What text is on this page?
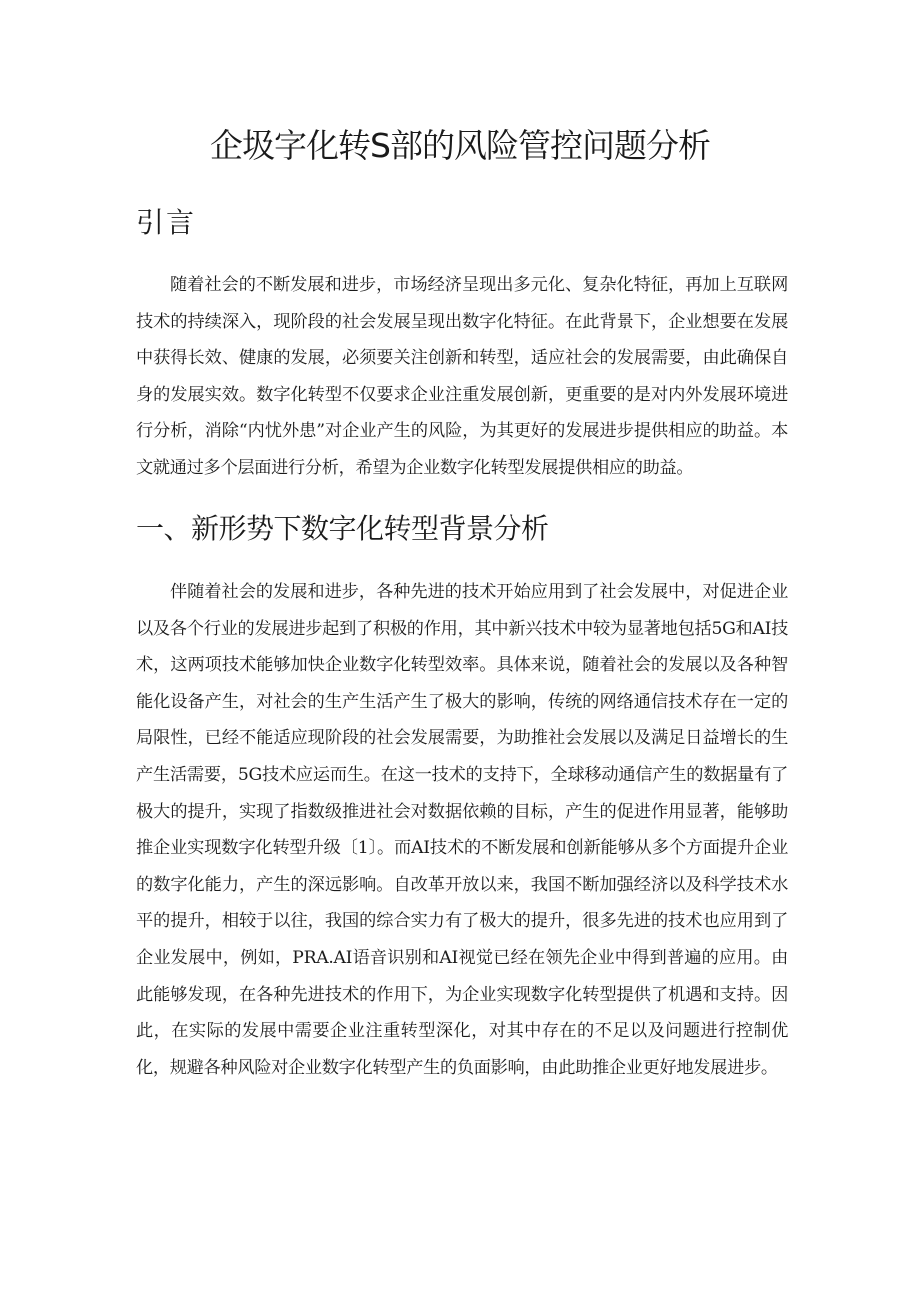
企圾字化转S部的风险管控问题分析
引言

随着社会的不断发展和进步，市场经济呈现出多元化、复杂化特征，再加上互联网技术的持续深入，现阶段的社会发展呈现出数字化特征。在此背景下，企业想要在发展中获得长效、健康的发展，必须要关注创新和转型，适应社会的发展需要，由此确保自身的发展实效。数字化转型不仅要求企业注重发展创新，更重要的是对内外发展环境进行分析，消除“内忧外患”对企业产生的风险，为其更好的发展进步提供相应的助益。本文就通过多个层面进行分析，希望为企业数字化转型发展提供相应的助益。

一、新形势下数字化转型背景分析

伴随着社会的发展和进步，各种先进的技术开始应用到了社会发展中，对促进企业以及各个行业的发展进步起到了积极的作用，其中新兴技术中较为显著地包括5G和AI技术，这两项技术能够加快企业数字化转型效率。具体来说，随着社会的发展以及各种智能化设备产生，对社会的生产生活产生了极大的影响，传统的网络通信技术存在一定的局限性，已经不能适应现阶段的社会发展需要，为助推社会发展以及满足日益增长的生产生活需要，5G技术应运而生。在这一技术的支持下，全球移动通信产生的数据量有了极大的提升，实现了指数级推进社会对数据依赖的目标，产生的促进作用显著，能够助推企业实现数字化转型升级〔1〕。而AI技术的不断发展和创新能够从多个方面提升企业的数字化能力，产生的深远影响。自改革开放以来，我国不断加强经济以及科学技术水平的提升，相较于以往，我国的综合实力有了极大的提升，很多先进的技术也应用到了企业发展中，例如，PRA.AI语音识别和AI视觉已经在领先企业中得到普遍的应用。由此能够发现，在各种先进技术的作用下，为企业实现数字化转型提供了机遇和支持。因此，在实际的发展中需要企业注重转型深化，对其中存在的不足以及问题进行控制优化，规避各种风险对企业数字化转型产生的负面影响，由此助推企业更好地发展进步。
